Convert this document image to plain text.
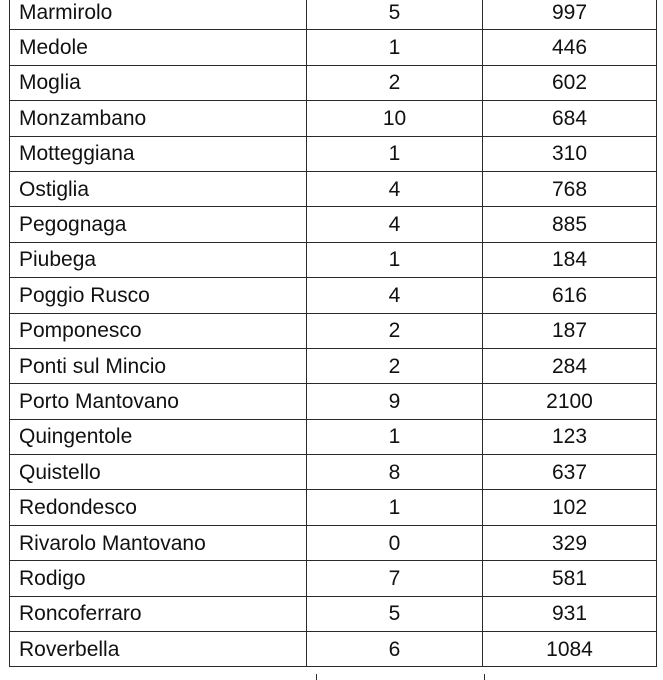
Marmirolo	5	997
Medole	1	446
Moglia	2	602
Monzambano	10	684
Motteggiana	1	310
Ostiglia	4	768
Pegognaga	4	885
Piubega	1	184
Poggio Rusco	4	616
Pomponesco	2	187
Ponti sul Mincio	2	284
Porto Mantovano	9	2100
Quingentole	1	123
Quistello	8	637
Redondesco	1	102
Rivarolo Mantovano	0	329
Rodigo	7	581
Roncoferraro	5	931
Roverbella	6	1084
